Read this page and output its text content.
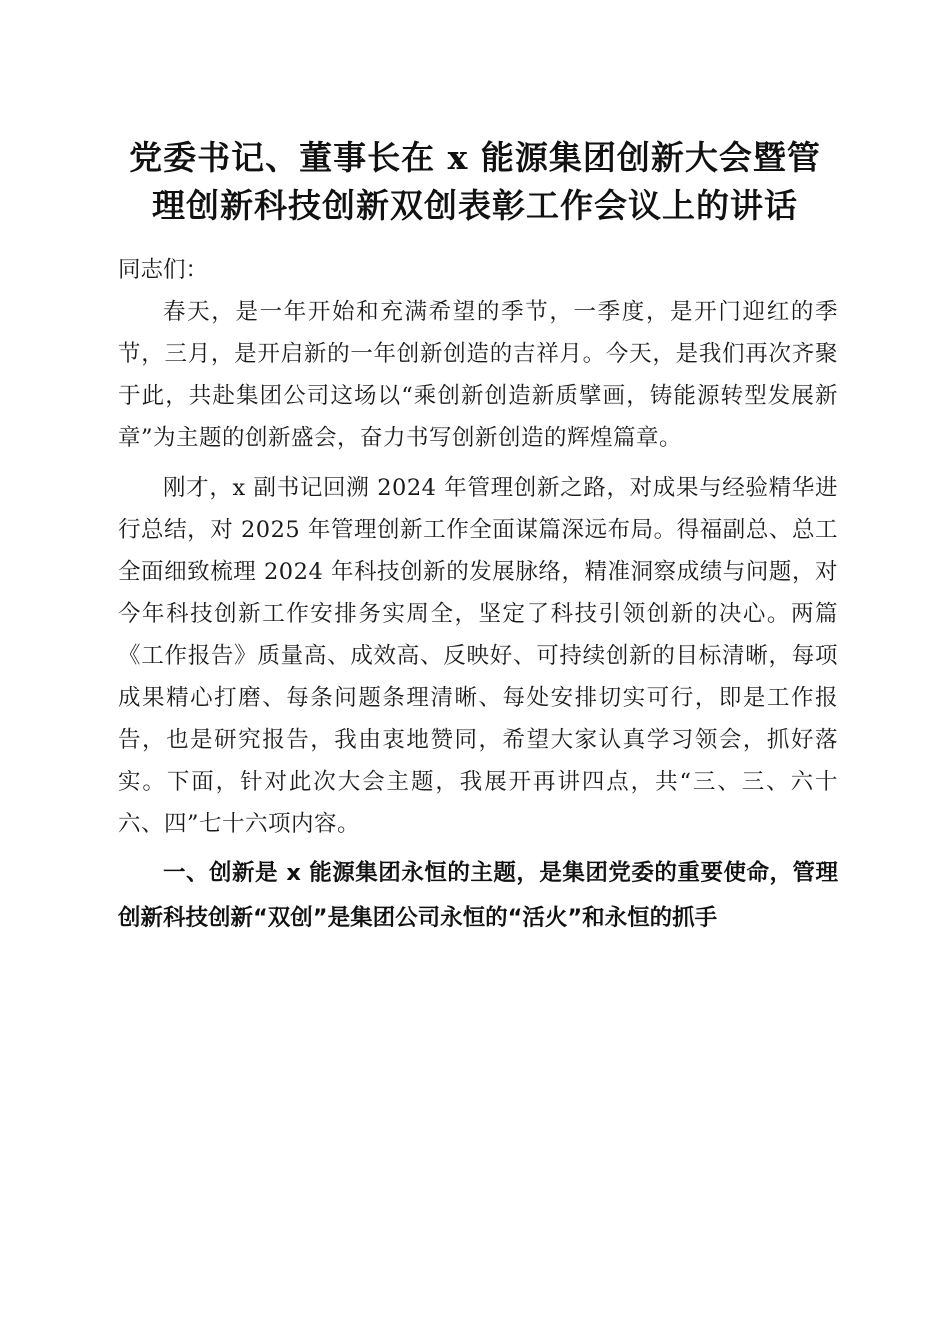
党委书记、董事长在 x 能源集团创新大会暨管
理创新科技创新双创表彰工作会议上的讲话

同志们：

春天，是一年开始和充满希望的季节，一季度，是开门迎红的季节，三月，是开启新的一年创新创造的吉祥月。今天，是我们再次齐聚于此，共赴集团公司这场以“乘创新创造新质擘画，铸能源转型发展新章”为主题的创新盛会，奋力书写创新创造的辉煌篇章。

刚才，x 副书记回溯 2024 年管理创新之路，对成果与经验精华进行总结，对 2025 年管理创新工作全面谋篇深远布局。得福副总、总工全面细致梳理 2024 年科技创新的发展脉络，精准洞察成绩与问题，对今年科技创新工作安排务实周全，坚定了科技引领创新的决心。两篇《工作报告》质量高、成效高、反映好、可持续创新的目标清晰，每项成果精心打磨、每条问题条理清晰、每处安排切实可行，即是工作报告，也是研究报告，我由衷地赞同，希望大家认真学习领会，抓好落实。下面，针对此次大会主题，我展开再讲四点，共“三、三、六十六、四”七十六项内容。

一、创新是 x 能源集团永恒的主题，是集团党委的重要使命，管理创新科技创新“双创”是集团公司永恒的“活火”和永恒的抓手
